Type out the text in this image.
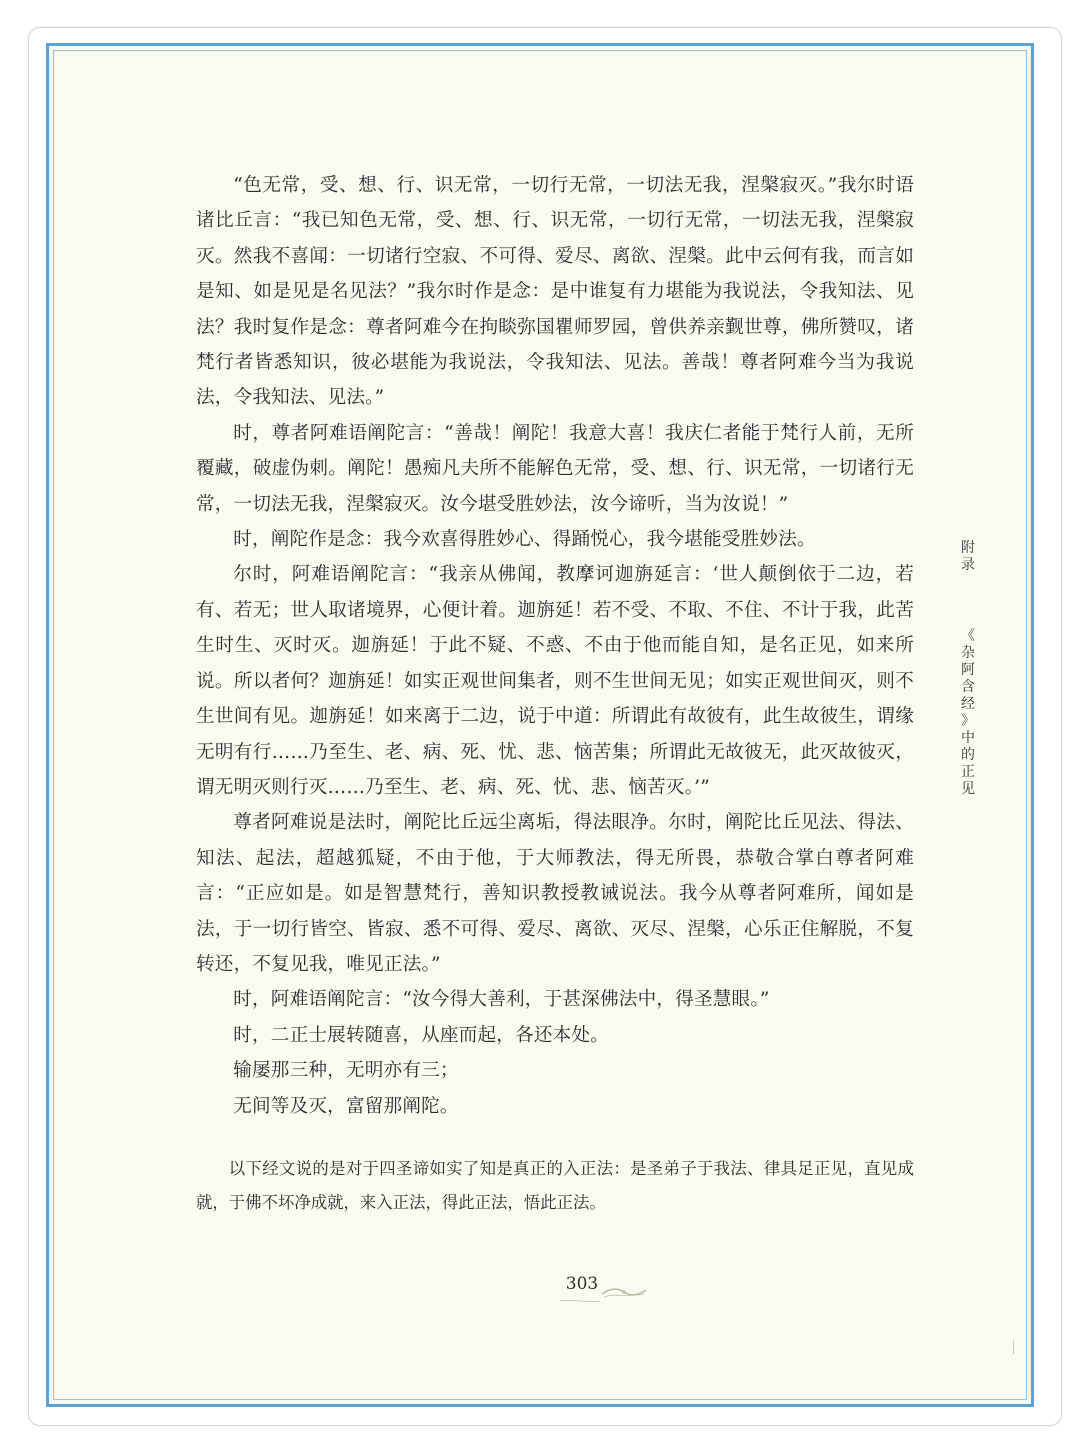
“色无常，受、想、行、识无常，一切行无常，一切法无我，涅槃寂灭。”我尔时语诸比丘言：“我已知色无常，受、想、行、识无常，一切行无常，一切法无我，涅槃寂灭。然我不喜闻：一切诸行空寂、不可得、爱尽、离欲、涅槃。此中云何有我，而言如是知、如是见是名见法？”我尔时作是念：是中谁复有力堪能为我说法，令我知法、见法？我时复作是念：尊者阿难今在拘睒弥国瞿师罗园，曾供养亲觐世尊，佛所赞叹，诸梵行者皆悉知识，彼必堪能为我说法，令我知法、见法。善哉！尊者阿难今当为我说法，令我知法、见法。”

时，尊者阿难语阐陀言：“善哉！阐陀！我意大喜！我庆仁者能于梵行人前，无所覆藏，破虚伪刺。阐陀！愚痴凡夫所不能解色无常，受、想、行、识无常，一切诸行无常，一切法无我，涅槃寂灭。汝今堪受胜妙法，汝今谛听，当为汝说！”

时，阐陀作是念：我今欢喜得胜妙心、得踊悦心，我今堪能受胜妙法。

尔时，阿难语阐陀言：“我亲从佛闻，教摩诃迦旃延言：‘世人颠倒依于二边，若有、若无；世人取诸境界，心便计着。迦旃延！若不受、不取、不住、不计于我，此苦生时生、灭时灭。迦旃延！于此不疑、不惑、不由于他而能自知，是名正见，如来所说。所以者何？迦旃延！如实正观世间集者，则不生世间无见；如实正观世间灭，则不生世间有见。迦旃延！如来离于二边，说于中道：所谓此有故彼有，此生故彼生，谓缘无明有行……乃至生、老、病、死、忧、悲、恼苦集；所谓此无故彼无，此灭故彼灭，谓无明灭则行灭……乃至生、老、病、死、忧、悲、恼苦灭。’”

尊者阿难说是法时，阐陀比丘远尘离垢，得法眼净。尔时，阐陀比丘见法、得法、知法、起法，超越狐疑，不由于他，于大师教法，得无所畏，恭敬合掌白尊者阿难言：“正应如是。如是智慧梵行，善知识教授教诫说法。我今从尊者阿难所，闻如是法，于一切行皆空、皆寂、悉不可得、爱尽、离欲、灭尽、涅槃，心乐正住解脱，不复转还，不复见我，唯见正法。”

时，阿难语阐陀言：“汝今得大善利，于甚深佛法中，得圣慧眼。”

时，二正士展转随喜，从座而起，各还本处。

输屡那三种，无明亦有三；

无间等及灭，富留那阐陀。

以下经文说的是对于四圣谛如实了知是真正的入正法：是圣弟子于我法、律具足正见，直见成就，于佛不坏净成就，来入正法，得此正法，悟此正法。

附
录
《
杂
阿
含
经
》
中
的
正
见
303
